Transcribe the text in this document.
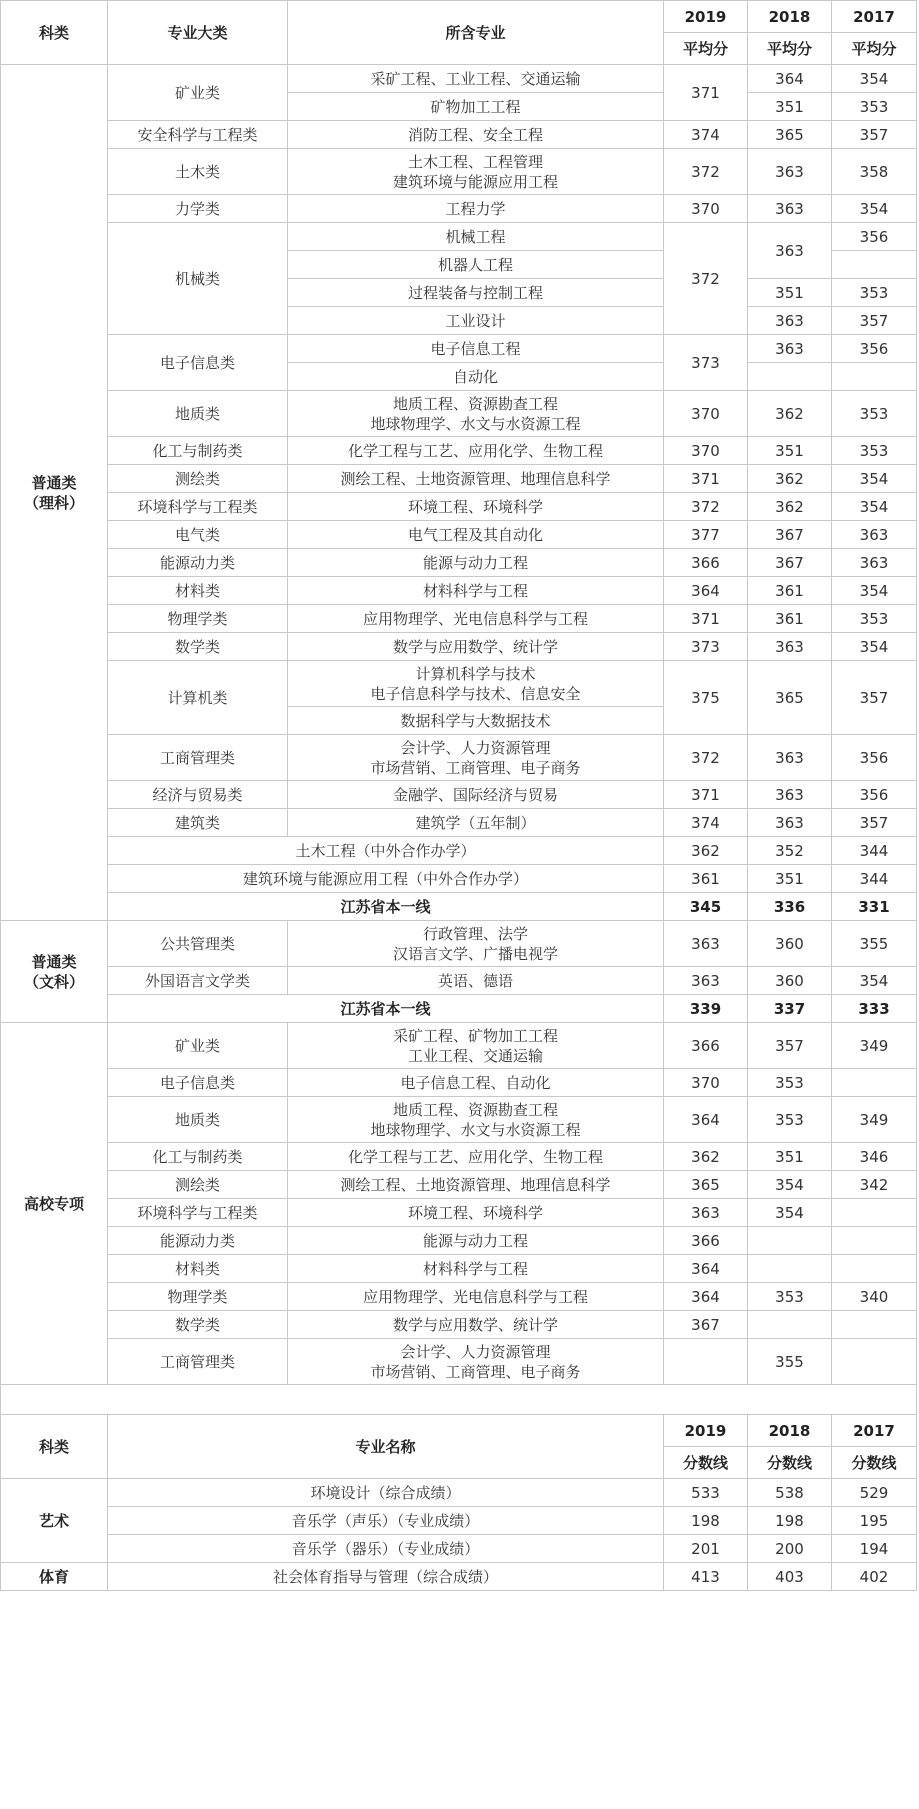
科类	专业大类	所含专业	2019	2018	2017
			平均分	平均分	平均分
普通类
（理科）	矿业类	采矿工程、工业工程、交通运输	371	364	354
		矿物加工工程		351	353
	安全科学与工程类	消防工程、安全工程	374	365	357
	土木类	土木工程、工程管理
建筑环境与能源应用工程	372	363	358
	力学类	工程力学	370	363	354
	机械类	机械工程	372	363	356
		机器人工程			
		过程装备与控制工程		351	353
		工业设计		363	357
	电子信息类	电子信息工程	373	363	356
		自动化			
	地质类	地质工程、资源勘查工程
地球物理学、水文与水资源工程	370	362	353
	化工与制药类	化学工程与工艺、应用化学、生物工程	370	351	353
	测绘类	测绘工程、土地资源管理、地理信息科学	371	362	354
	环境科学与工程类	环境工程、环境科学	372	362	354
	电气类	电气工程及其自动化	377	367	363
	能源动力类	能源与动力工程	366	367	363
	材料类	材料科学与工程	364	361	354
	物理学类	应用物理学、光电信息科学与工程	371	361	353
	数学类	数学与应用数学、统计学	373	363	354
	计算机类	计算机科学与技术
电子信息科学与技术、信息安全	375	365	357
		数据科学与大数据技术			
	工商管理类	会计学、人力资源管理
市场营销、工商管理、电子商务	372	363	356
	经济与贸易类	金融学、国际经济与贸易	371	363	356
	建筑类	建筑学（五年制）	374	363	357
	土木工程（中外合作办学）		362	352	344
	建筑环境与能源应用工程（中外合作办学）		361	351	344
	江苏省本一线		345	336	331
普通类
（文科）	公共管理类	行政管理、法学
汉语言文学、广播电视学	363	360	355
	外国语言文学类	英语、德语	363	360	354
	江苏省本一线		339	337	333
高校专项	矿业类	采矿工程、矿物加工工程
工业工程、交通运输	366	357	349
	电子信息类	电子信息工程、自动化	370	353	
	地质类	地质工程、资源勘查工程
地球物理学、水文与水资源工程	364	353	349
	化工与制药类	化学工程与工艺、应用化学、生物工程	362	351	346
	测绘类	测绘工程、土地资源管理、地理信息科学	365	354	342
	环境科学与工程类	环境工程、环境科学	363	354	
	能源动力类	能源与动力工程	366		
	材料类	材料科学与工程	364		
	物理学类	应用物理学、光电信息科学与工程	364	353	340
	数学类	数学与应用数学、统计学	367		
	工商管理类	会计学、人力资源管理
市场营销、工商管理、电子商务		355	

科类	专业名称		2019	2018	2017
			分数线	分数线	分数线
艺术	环境设计（综合成绩）		533	538	529
	音乐学（声乐）（专业成绩）		198	198	195
	音乐学（器乐）（专业成绩）		201	200	194
体育	社会体育指导与管理（综合成绩）		413	403	402
